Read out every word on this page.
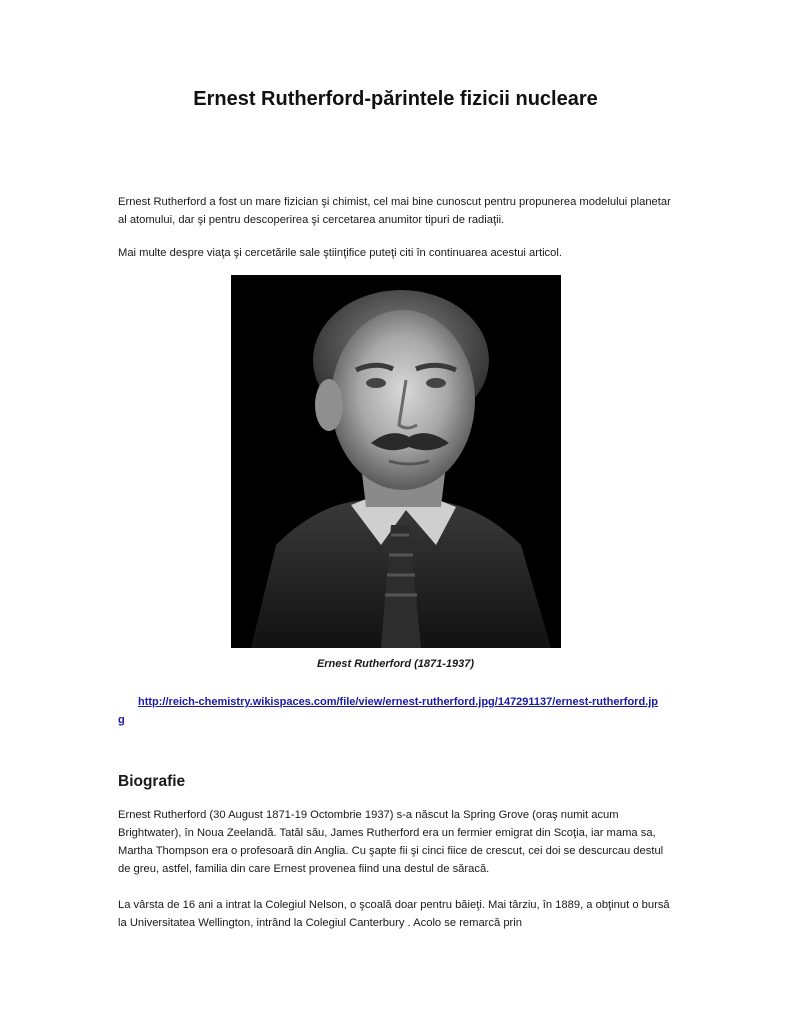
Ernest Rutherford-părintele fizicii nucleare

Ernest Rutherford a fost un mare fizician şi chimist, cel mai bine cunoscut pentru propunerea modelului planetar al atomului, dar şi pentru descoperirea şi cercetarea anumitor tipuri de radiaţii.

Mai multe despre viaţa şi cercetările sale ştiinţifice puteţi citi în continuarea acestui articol.

Ernest Rutherford (1871-1937)

http://reich-chemistry.wikispaces.com/file/view/ernest-rutherford.jpg/147291137/ernest-rutherford.jpg

Biografie

Ernest Rutherford (30 August 1871-19 Octombrie 1937) s-a născut la Spring Grove (oraş numit acum Brightwater), în Noua Zeelandă. Tatăl său, James Rutherford era un fermier emigrat din Scoţia, iar mama sa, Martha Thompson era o profesoară din Anglia. Cu şapte fii şi cinci fiice de crescut, cei doi se descurcau destul de greu, astfel, familia din care Ernest provenea fiind una destul de săracă.

La vârsta de 16 ani a intrat la Colegiul Nelson, o şcoală doar pentru băieţi. Mai târziu, în 1889, a obţinut o bursă la Universitatea Wellington, intrând la Colegiul Canterbury . Acolo se remarcă prin
